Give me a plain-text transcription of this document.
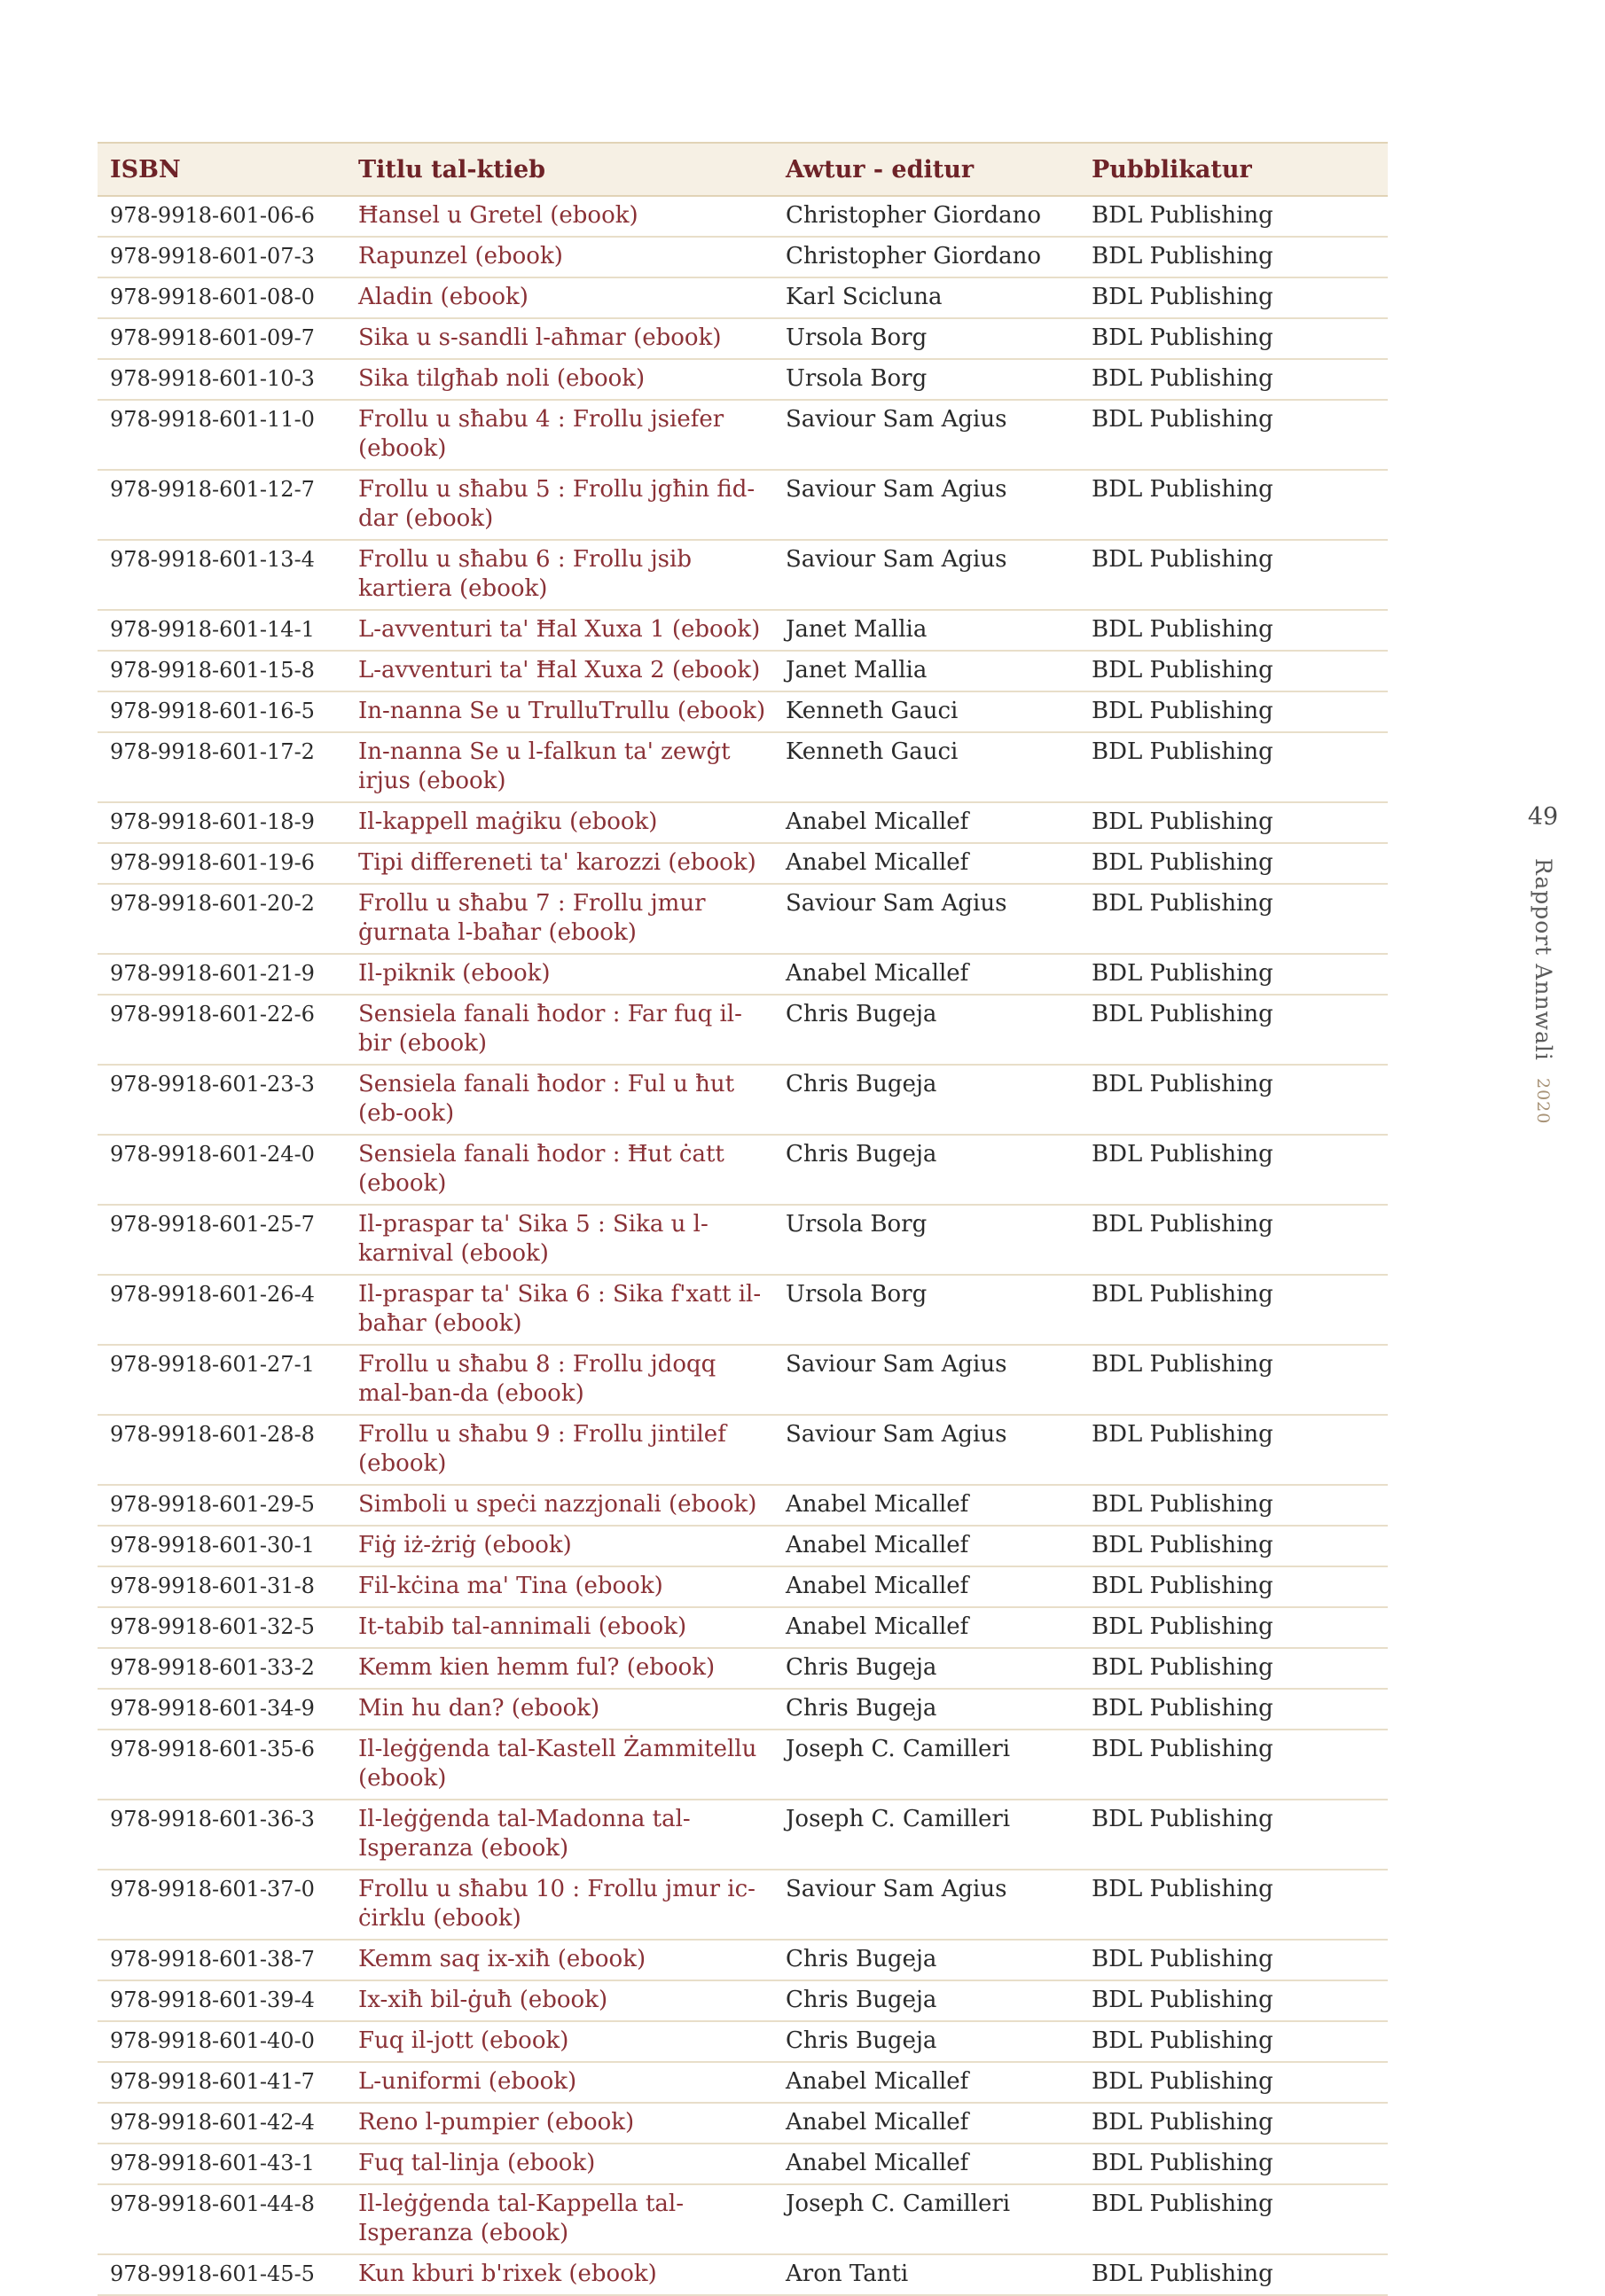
ISBN	Titlu tal-ktieb	Awtur - editur	Pubblikatur
978-9918-601-06-6	Ħansel u Gretel (ebook)	Christopher Giordano	BDL Publishing
978-9918-601-07-3	Rapunzel (ebook)	Christopher Giordano	BDL Publishing
978-9918-601-08-0	Aladin (ebook)	Karl Scicluna	BDL Publishing
978-9918-601-09-7	Sika u s-sandli l-aħmar (ebook)	Ursola Borg	BDL Publishing
978-9918-601-10-3	Sika tilgħab noli (ebook)	Ursola Borg	BDL Publishing
978-9918-601-11-0	Frollu u sħabu 4 : Frollu jsiefer (ebook)	Saviour Sam Agius	BDL Publishing
978-9918-601-12-7	Frollu u sħabu 5 : Frollu jgħin fid-dar (ebook)	Saviour Sam Agius	BDL Publishing
978-9918-601-13-4	Frollu u sħabu 6 : Frollu jsib kartiera (ebook)	Saviour Sam Agius	BDL Publishing
978-9918-601-14-1	L-avventuri ta' Ħal Xuxa 1 (ebook)	Janet Mallia	BDL Publishing
978-9918-601-15-8	L-avventuri ta' Ħal Xuxa 2 (ebook)	Janet Mallia	BDL Publishing
978-9918-601-16-5	In-nanna Se u TrulluTrullu (ebook)	Kenneth Gauci	BDL Publishing
978-9918-601-17-2	In-nanna Se u l-falkun ta' zewġt irjus (ebook)	Kenneth Gauci	BDL Publishing
978-9918-601-18-9	Il-kappell maġiku (ebook)	Anabel Micallef	BDL Publishing
978-9918-601-19-6	Tipi differeneti ta' karozzi (ebook)	Anabel Micallef	BDL Publishing
978-9918-601-20-2	Frollu u sħabu 7 : Frollu jmur ġurnata l-baħar (ebook)	Saviour Sam Agius	BDL Publishing
978-9918-601-21-9	Il-piknik (ebook)	Anabel Micallef	BDL Publishing
978-9918-601-22-6	Sensiela fanali ħodor : Far fuq il-bir (ebook)	Chris Bugeja	BDL Publishing
978-9918-601-23-3	Sensiela fanali ħodor : Ful u ħut (eb-ook)	Chris Bugeja	BDL Publishing
978-9918-601-24-0	Sensiela fanali ħodor : Ħut ċatt (ebook)	Chris Bugeja	BDL Publishing
978-9918-601-25-7	Il-praspar ta' Sika 5 : Sika u l-karnival (ebook)	Ursola Borg	BDL Publishing
978-9918-601-26-4	Il-praspar ta' Sika 6 : Sika f'xatt il-baħar (ebook)	Ursola Borg	BDL Publishing
978-9918-601-27-1	Frollu u sħabu 8 : Frollu jdoqq mal-ban-da (ebook)	Saviour Sam Agius	BDL Publishing
978-9918-601-28-8	Frollu u sħabu 9 : Frollu jintilef (ebook)	Saviour Sam Agius	BDL Publishing
978-9918-601-29-5	Simboli u speċi nazzjonali (ebook)	Anabel Micallef	BDL Publishing
978-9918-601-30-1	Fiġ iż-żriġ (ebook)	Anabel Micallef	BDL Publishing
978-9918-601-31-8	Fil-kċina ma' Tina (ebook)	Anabel Micallef	BDL Publishing
978-9918-601-32-5	It-tabib tal-annimali (ebook)	Anabel Micallef	BDL Publishing
978-9918-601-33-2	Kemm kien hemm ful? (ebook)	Chris Bugeja	BDL Publishing
978-9918-601-34-9	Min hu dan? (ebook)	Chris Bugeja	BDL Publishing
978-9918-601-35-6	Il-leġġenda tal-Kastell Żammitellu (ebook)	Joseph C. Camilleri	BDL Publishing
978-9918-601-36-3	Il-leġġenda tal-Madonna tal-Isperanza (ebook)	Joseph C. Camilleri	BDL Publishing
978-9918-601-37-0	Frollu u sħabu 10 : Frollu jmur ic-ċirklu (ebook)	Saviour Sam Agius	BDL Publishing
978-9918-601-38-7	Kemm saq ix-xiħ (ebook)	Chris Bugeja	BDL Publishing
978-9918-601-39-4	Ix-xiħ bil-ġuħ (ebook)	Chris Bugeja	BDL Publishing
978-9918-601-40-0	Fuq il-jott (ebook)	Chris Bugeja	BDL Publishing
978-9918-601-41-7	L-uniformi (ebook)	Anabel Micallef	BDL Publishing
978-9918-601-42-4	Reno l-pumpier (ebook)	Anabel Micallef	BDL Publishing
978-9918-601-43-1	Fuq tal-linja (ebook)	Anabel Micallef	BDL Publishing
978-9918-601-44-8	Il-leġġenda tal-Kappella tal-Isperanza (ebook)	Joseph C. Camilleri	BDL Publishing
978-9918-601-45-5	Kun kburi b'rixek (ebook)	Aron Tanti	BDL Publishing
49
Rapport Annwali 2020
